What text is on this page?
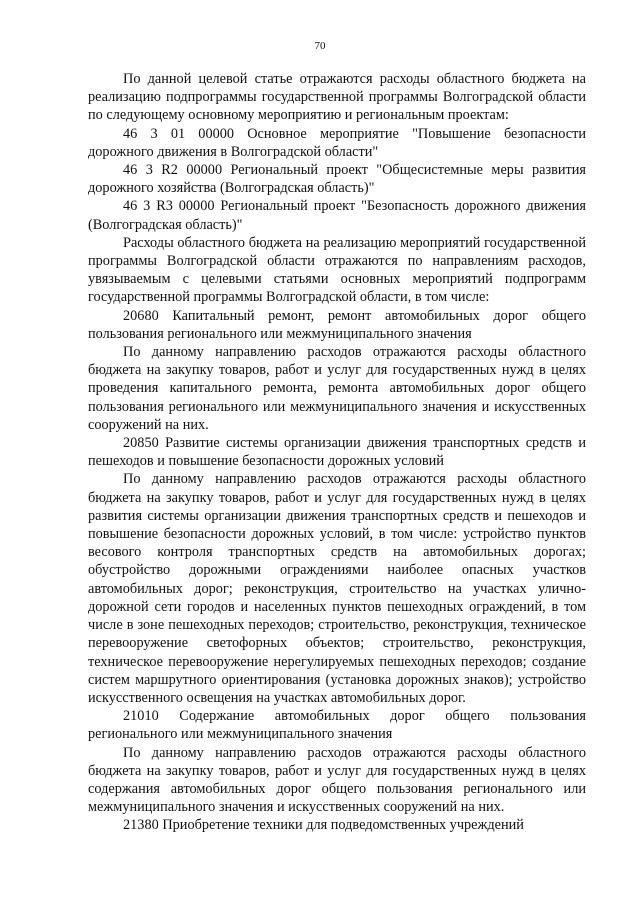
70

По данной целевой статье отражаются расходы областного бюджета на реализацию подпрограммы государственной программы Волгоградской области по следующему основному мероприятию и региональным проектам:

46 3 01 00000 Основное мероприятие "Повышение безопасности дорожного движения в Волгоградской области"

46 3 R2 00000 Региональный проект "Общесистемные меры развития дорожного хозяйства (Волгоградская область)"

46 3 R3 00000 Региональный проект "Безопасность дорожного движения (Волгоградская область)"

Расходы областного бюджета на реализацию мероприятий государственной программы Волгоградской области отражаются по направлениям расходов, увязываемым с целевыми статьями основных мероприятий подпрограмм государственной программы Волгоградской области, в том числе:

20680 Капитальный ремонт, ремонт автомобильных дорог общего пользования регионального или межмуниципального значения

По данному направлению расходов отражаются расходы областного бюджета на закупку товаров, работ и услуг для государственных нужд в целях проведения капитального ремонта, ремонта автомобильных дорог общего пользования регионального или межмуниципального значения и искусственных сооружений на них.

20850 Развитие системы организации движения транспортных средств и пешеходов и повышение безопасности дорожных условий

По данному направлению расходов отражаются расходы областного бюджета на закупку товаров, работ и услуг для государственных нужд в целях развития системы организации движения транспортных средств и пешеходов и повышение безопасности дорожных условий, в том числе: устройство пунктов весового контроля транспортных средств на автомобильных дорогах; обустройство дорожными ограждениями наиболее опасных участков автомобильных дорог; реконструкция, строительство на участках улично-дорожной сети городов и населенных пунктов пешеходных ограждений, в том числе в зоне пешеходных переходов; строительство, реконструкция, техническое перевооружение светофорных объектов; строительство, реконструкция, техническое перевооружение нерегулируемых пешеходных переходов; создание систем маршрутного ориентирования (установка дорожных знаков); устройство искусственного освещения на участках автомобильных дорог.

21010 Содержание автомобильных дорог общего пользования регионального или межмуниципального значения

По данному направлению расходов отражаются расходы областного бюджета на закупку товаров, работ и услуг для государственных нужд в целях содержания автомобильных дорог общего пользования регионального или межмуниципального значения и искусственных сооружений на них.

21380 Приобретение техники для подведомственных учреждений
